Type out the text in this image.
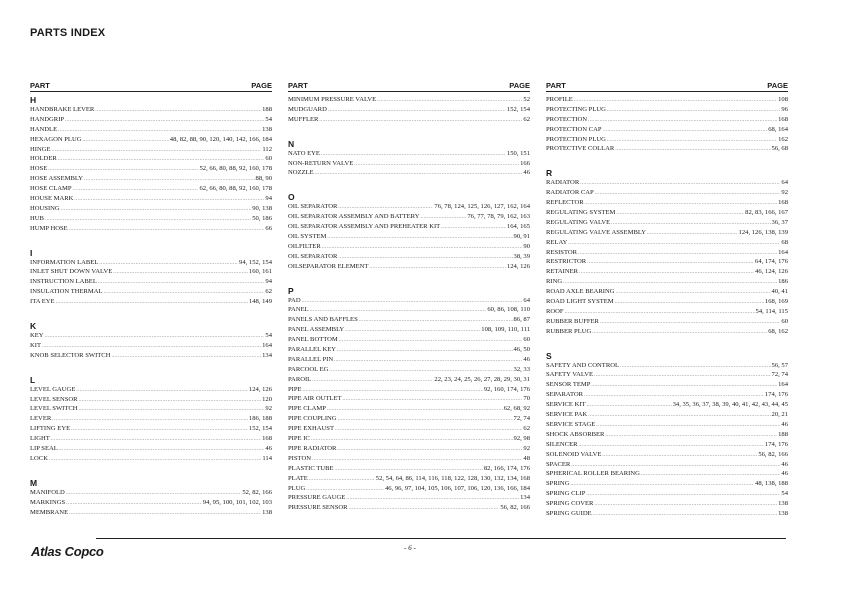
PARTS INDEX
PART	PAGE
H
HANDBRAKE LEVER .....	188
HANDGRIP .....	54
HANDLE .....	138
HEXAGON PLUG .....	48, 82, 88, 90, 120, 140, 142, 166, 184
HINGE .....	112
HOLDER .....	60
HOSE .....	52, 66, 80, 88, 92, 160, 178
HOSE ASSEMBLY .....	88, 90
HOSE CLAMP .....	62, 66, 80, 88, 92, 160, 178
HOUSE MARK .....	94
HOUSING .....	90, 138
HUB .....	50, 186
HUMP HOSE .....	66
I
INFORMATION LABEL .....	94, 152, 154
INLET SHUT DOWN VALVE .....	160, 161
INSTRUCTION LABEL .....	94
INSULATION THERMAL .....	62
ITA EYE .....	148, 149
K
KEY .....	54
KIT .....	164
KNOB SELECTOR SWITCH .....	134
L
LEVEL GAUGE .....	124, 126
LEVEL SENSOR .....	120
LEVEL SWITCH .....	92
LEVER .....	186, 188
LIFTING EYE .....	152, 154
LIGHT .....	168
LIP SEAL .....	46
LOCK .....	114
M
MANIFOLD .....	52, 82, 166
MARKINGS .....	94, 95, 100, 101, 102, 103
MEMBRANE .....	138
PART	PAGE
MINIMUM PRESSURE VALVE .....	52
MUDGUARD .....	152, 154
MUFFLER .....	62
N
NATO EYE .....	150, 151
NON-RETURN VALVE .....	166
NOZZLE .....	46
O
OIL SEPARATOR .....	76, 78, 124, 125, 126, 127, 162, 164
OIL SEPARATOR ASSEMBLY AND BATTERY .....	76, 77, 78, 79, 162, 163
OIL SEPARATOR ASSEMBLY AND PREHEATER KIT .....	164, 165
OIL SYSTEM .....	90, 91
OILFILTER .....	90
OIL SEPARATOR .....	38, 39
OILSEPARATOR ELEMENT .....	124, 126
P
PAD .....	64
PANEL .....	60, 86, 108, 110
PANELS AND BAFFLES .....	86, 87
PANEL ASSEMBLY .....	108, 109, 110, 111
PANEL BOTTOM .....	60
PARALLEL KEY .....	46, 50
PARALLEL PIN .....	46
PARCOOL EG .....	32, 33
PAROIL .....	22, 23, 24, 25, 26, 27, 28, 29, 30, 31
PIPE .....	92, 160, 174, 176
PIPE AIR OUTLET .....	70
PIPE CLAMP .....	62, 68, 92
PIPE COUPLING .....	72, 74
PIPE EXHAUST .....	62
PIPE IC .....	92, 98
PIPE RADIATOR .....	92
PISTON .....	48
PLASTIC TUBE .....	82, 166, 174, 176
PLATE .....	52, 54, 64, 86, 114, 116, 118, 122, 128, 130, 132, 134, 168
PLUG .....	46, 96, 97, 104, 105, 106, 107, 106, 120, 136, 166, 184
PRESSURE GAUGE .....	134
PRESSURE SENSOR .....	56, 82, 166
PART	PAGE
PROFILE .....	108
PROTECTING PLUG .....	96
PROTECTION .....	168
PROTECTION CAP .....	68, 164
PROTECTION PLUG .....	162
PROTECTIVE COLLAR .....	56, 68
R
RADIATOR .....	64
RADIATOR CAP .....	92
REFLECTOR .....	168
REGULATING SYSTEM .....	82, 83, 166, 167
REGULATING VALVE .....	36, 37
REGULATING VALVE ASSEMBLY .....	124, 126, 138, 139
RELAY .....	68
RESISTOR .....	164
RESTRICTOR .....	64, 174, 176
RETAINER .....	46, 124, 126
RING .....	186
ROAD AXLE BEARING .....	40, 41
ROAD LIGHT SYSTEM .....	168, 169
ROOF .....	54, 114, 115
RUBBER BUFFER .....	60
RUBBER PLUG .....	68, 162
S
SAFETY AND CONTROL .....	56, 57
SAFETY VALVE .....	72, 74
SENSOR TEMP .....	164
SEPARATOR .....	174, 176
SERVICE KIT .....	34, 35, 36, 37, 38, 39, 40, 41, 42, 43, 44, 45
SERVICE PAK .....	20, 21
SERVICE STAGE .....	46
SHOCK ABSORBER .....	188
SILENCER .....	174, 176
SOLENOID VALVE .....	56, 82, 166
SPACER .....	46
SPHERICAL ROLLER BEARING .....	46
SPRING .....	48, 138, 188
SPRING CLIP .....	54
SPRING COVER .....	138
SPRING GUIDE .....	138
Atlas Copco	- 6 -
